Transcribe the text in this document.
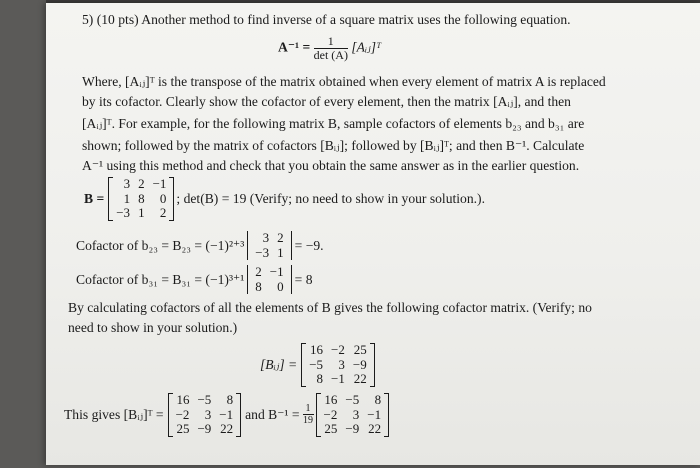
5) (10 pts) Another method to find inverse of a square matrix uses the following equation.
$A^{-1} = \frac{1}{\det (A)}$ [Aᵢⱼ]ᵀ
Where, [Aᵢⱼ]ᵀ is the transpose of the matrix obtained when every element of matrix A is replaced
by its cofactor. Clearly show the cofactor of every element, then the matrix [Aᵢⱼ], and then
[Aᵢⱼ]ᵀ. For example, for the following matrix B, sample cofactors of elements b₂₃ and b₃₁ are
shown; followed by the matrix of cofactors [Bᵢⱼ]; followed by [Bᵢⱼ]ᵀ; and then B⁻¹. Calculate
A⁻¹ using this method and check that you obtain the same answer as in the earlier question.
B =
3 2 −1
1 8	0
−3 1	2
; det(B) = 19 (Verify; no need to show in your solution.).
Cofactor of b₂₃ = B₂₃ = (−1)²⁺³	3 2
−3 1 = −9.
Cofactor of b₃₁ = B₃₁ = (−1)³⁺¹ 2 −1
8	0 = 8
By calculating cofactors of all the elements of B gives the following cofactor matrix. (Verify; no
need to show in your solution.)
[Bᵢⱼ] =
16 −2 25
−5	3 −9
8 −1 22
This gives [Bᵢⱼ]ᵀ =
16 −5	8
−2	3 −1
25 −9 22
and $B^{-1} = \frac{1}{19}$
16 −5	8
−2	3 −1
25 −9 22
